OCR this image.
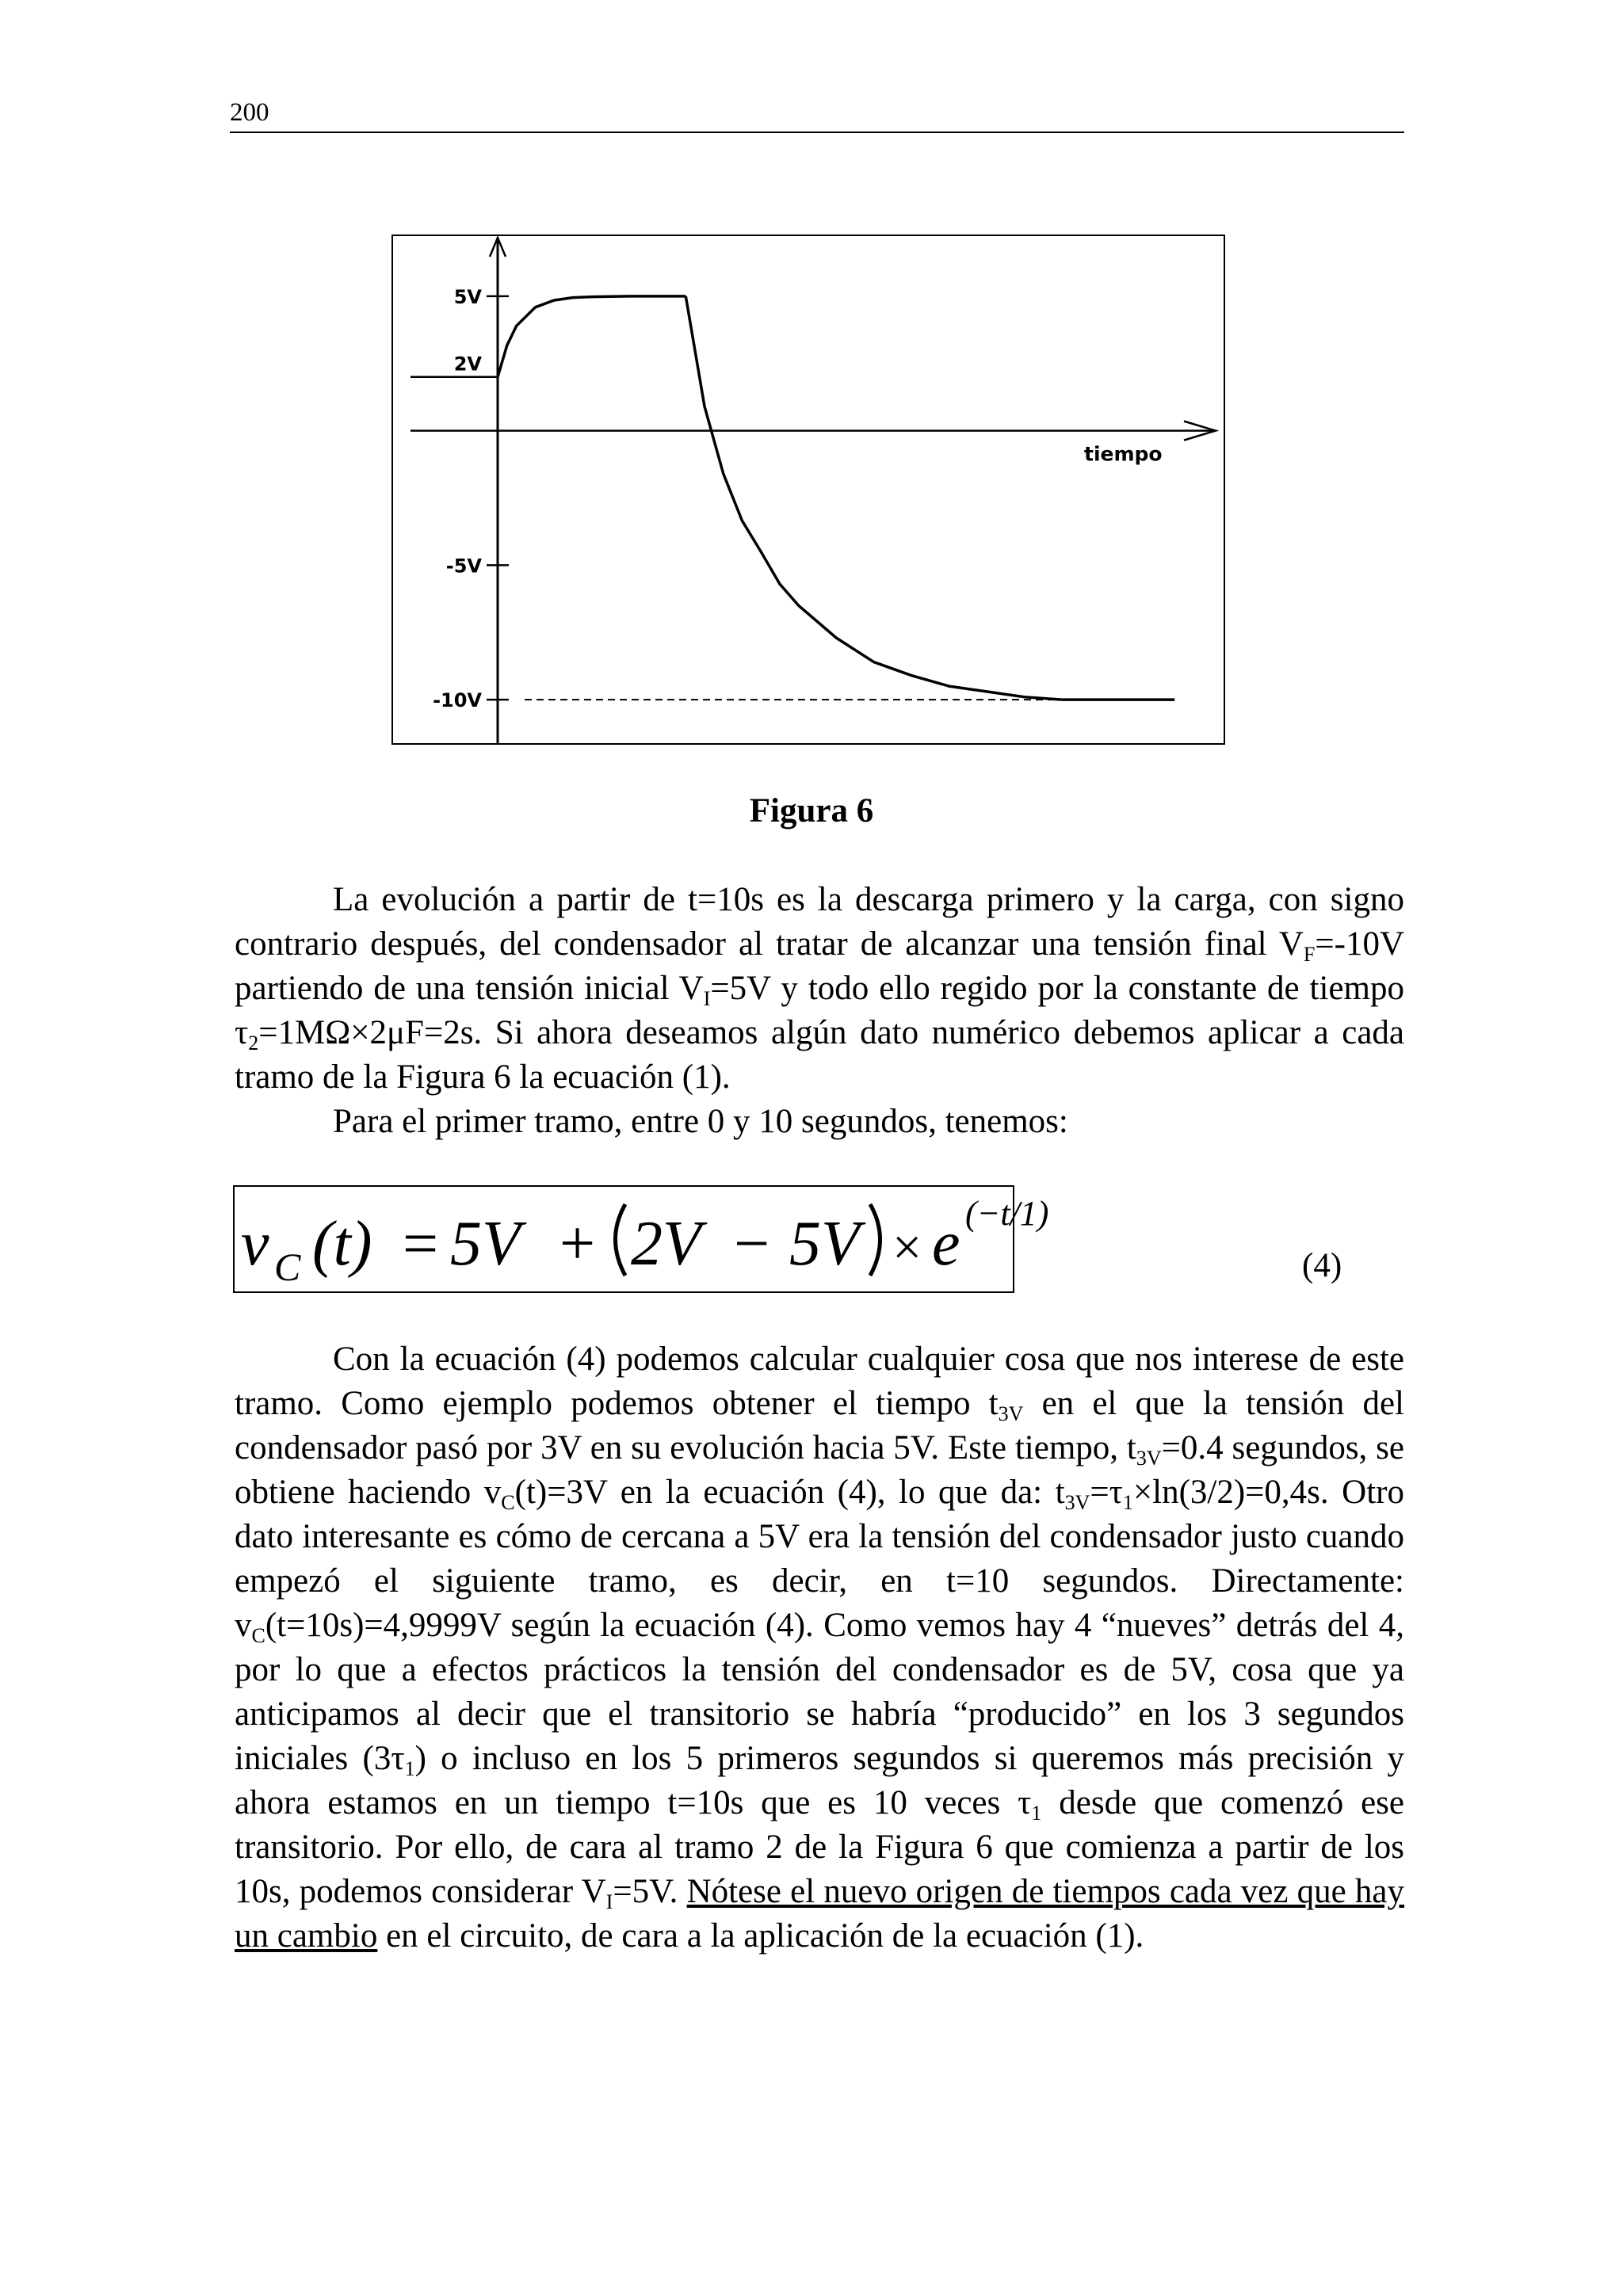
200
tiempo
5V
2V
-5V
-10V
Figura 6

La evolución a partir de t=10s es la descarga primero y la carga, con signo contrario después, del condensador al tratar de alcanzar una tensión final $V_F=-10V$ partiendo de una tensión inicial $V_I=5V$ y todo ello regido por la constante de tiempo $\tau_2=1M\Omega\times 2\mu F=2s$. Si ahora deseamos algún dato numérico debemos aplicar a cada tramo de la Figura 6 la ecuación (1).

Para el primer tramo, entre 0 y 10 segundos, tenemos:

v C (t) = 5V + 2V − 5V × e (−t/1)
(4)

Con la ecuación (4) podemos calcular cualquier cosa que nos interese de este tramo. Como ejemplo podemos obtener el tiempo $t_{3V}$ en el que la tensión del condensador pasó por 3V en su evolución hacia 5V. Este tiempo, $t_{3V}=0.4$ segundos, se obtiene haciendo $v_C(t)=3V$ en la ecuación (4), lo que da: $t_{3V}=\tau_1\times\ln(3/2)=0,4s$. Otro dato interesante es cómo de cercana a 5V era la tensión del condensador justo cuando empezó el siguiente tramo, es decir, en t=10 segundos. Directamente: $v_C(t=10s)=4,9999V$ según la ecuación (4). Como vemos hay 4 “nueves” detrás del 4, por lo que a efectos prácticos la tensión del condensador es de 5V, cosa que ya anticipamos al decir que el transitorio se habría “producido” en los 3 segundos iniciales $(3\tau_1)$ o incluso en los 5 primeros segundos si queremos más precisión y ahora estamos en un tiempo t=10s que es 10 veces $\tau_1$ desde que comenzó ese transitorio. Por ello, de cara al tramo 2 de la Figura 6 que comienza a partir de los 10s, podemos considerar $V_I=5V$. Nótese el nuevo origen de tiempos cada vez que hay un cambio en el circuito, de cara a la aplicación de la ecuación (1).
